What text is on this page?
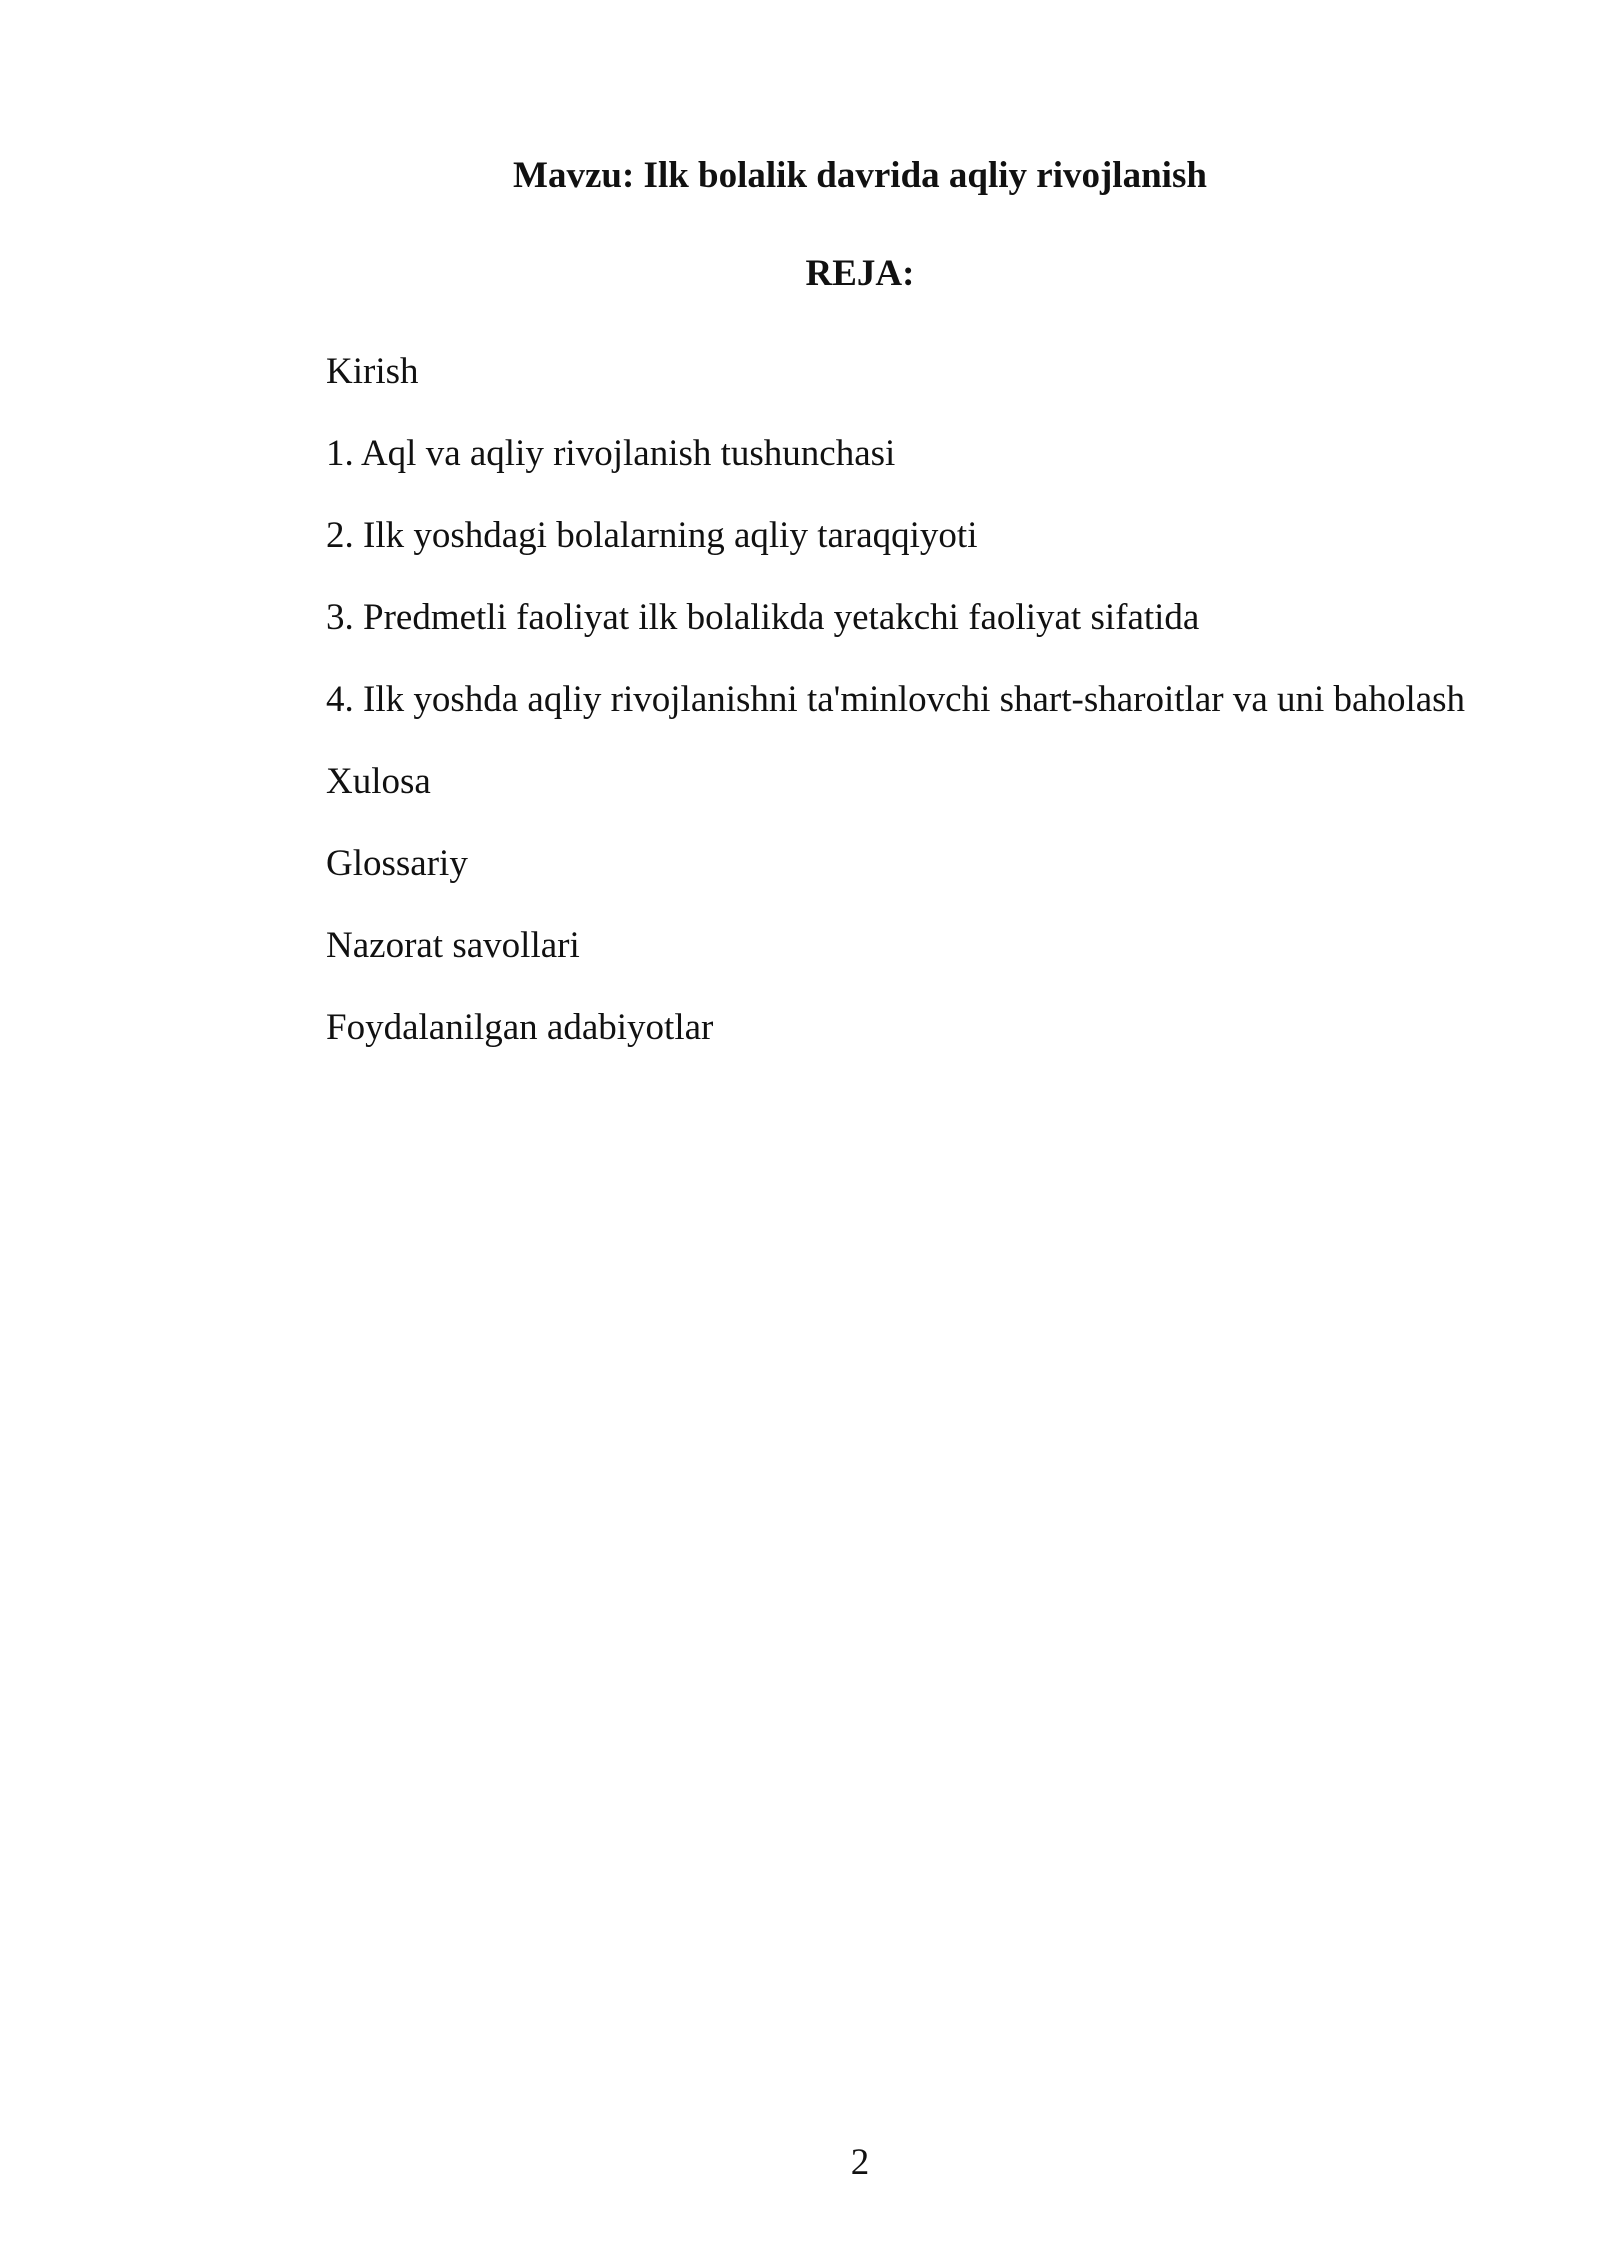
Mavzu: Ilk bolalik davrida aqliy rivojlanish
REJA:
Kirish
1. Aql va aqliy rivojlanish tushunchasi
2. Ilk yoshdagi bolalarning aqliy taraqqiyoti
3. Predmetli faoliyat ilk bolalikda yetakchi faoliyat sifatida
4. Ilk yoshda aqliy rivojlanishni ta'minlovchi shart-sharoitlar va uni baholash
Xulosa
Glossariy
Nazorat savollari
Foydalanilgan adabiyotlar
2
